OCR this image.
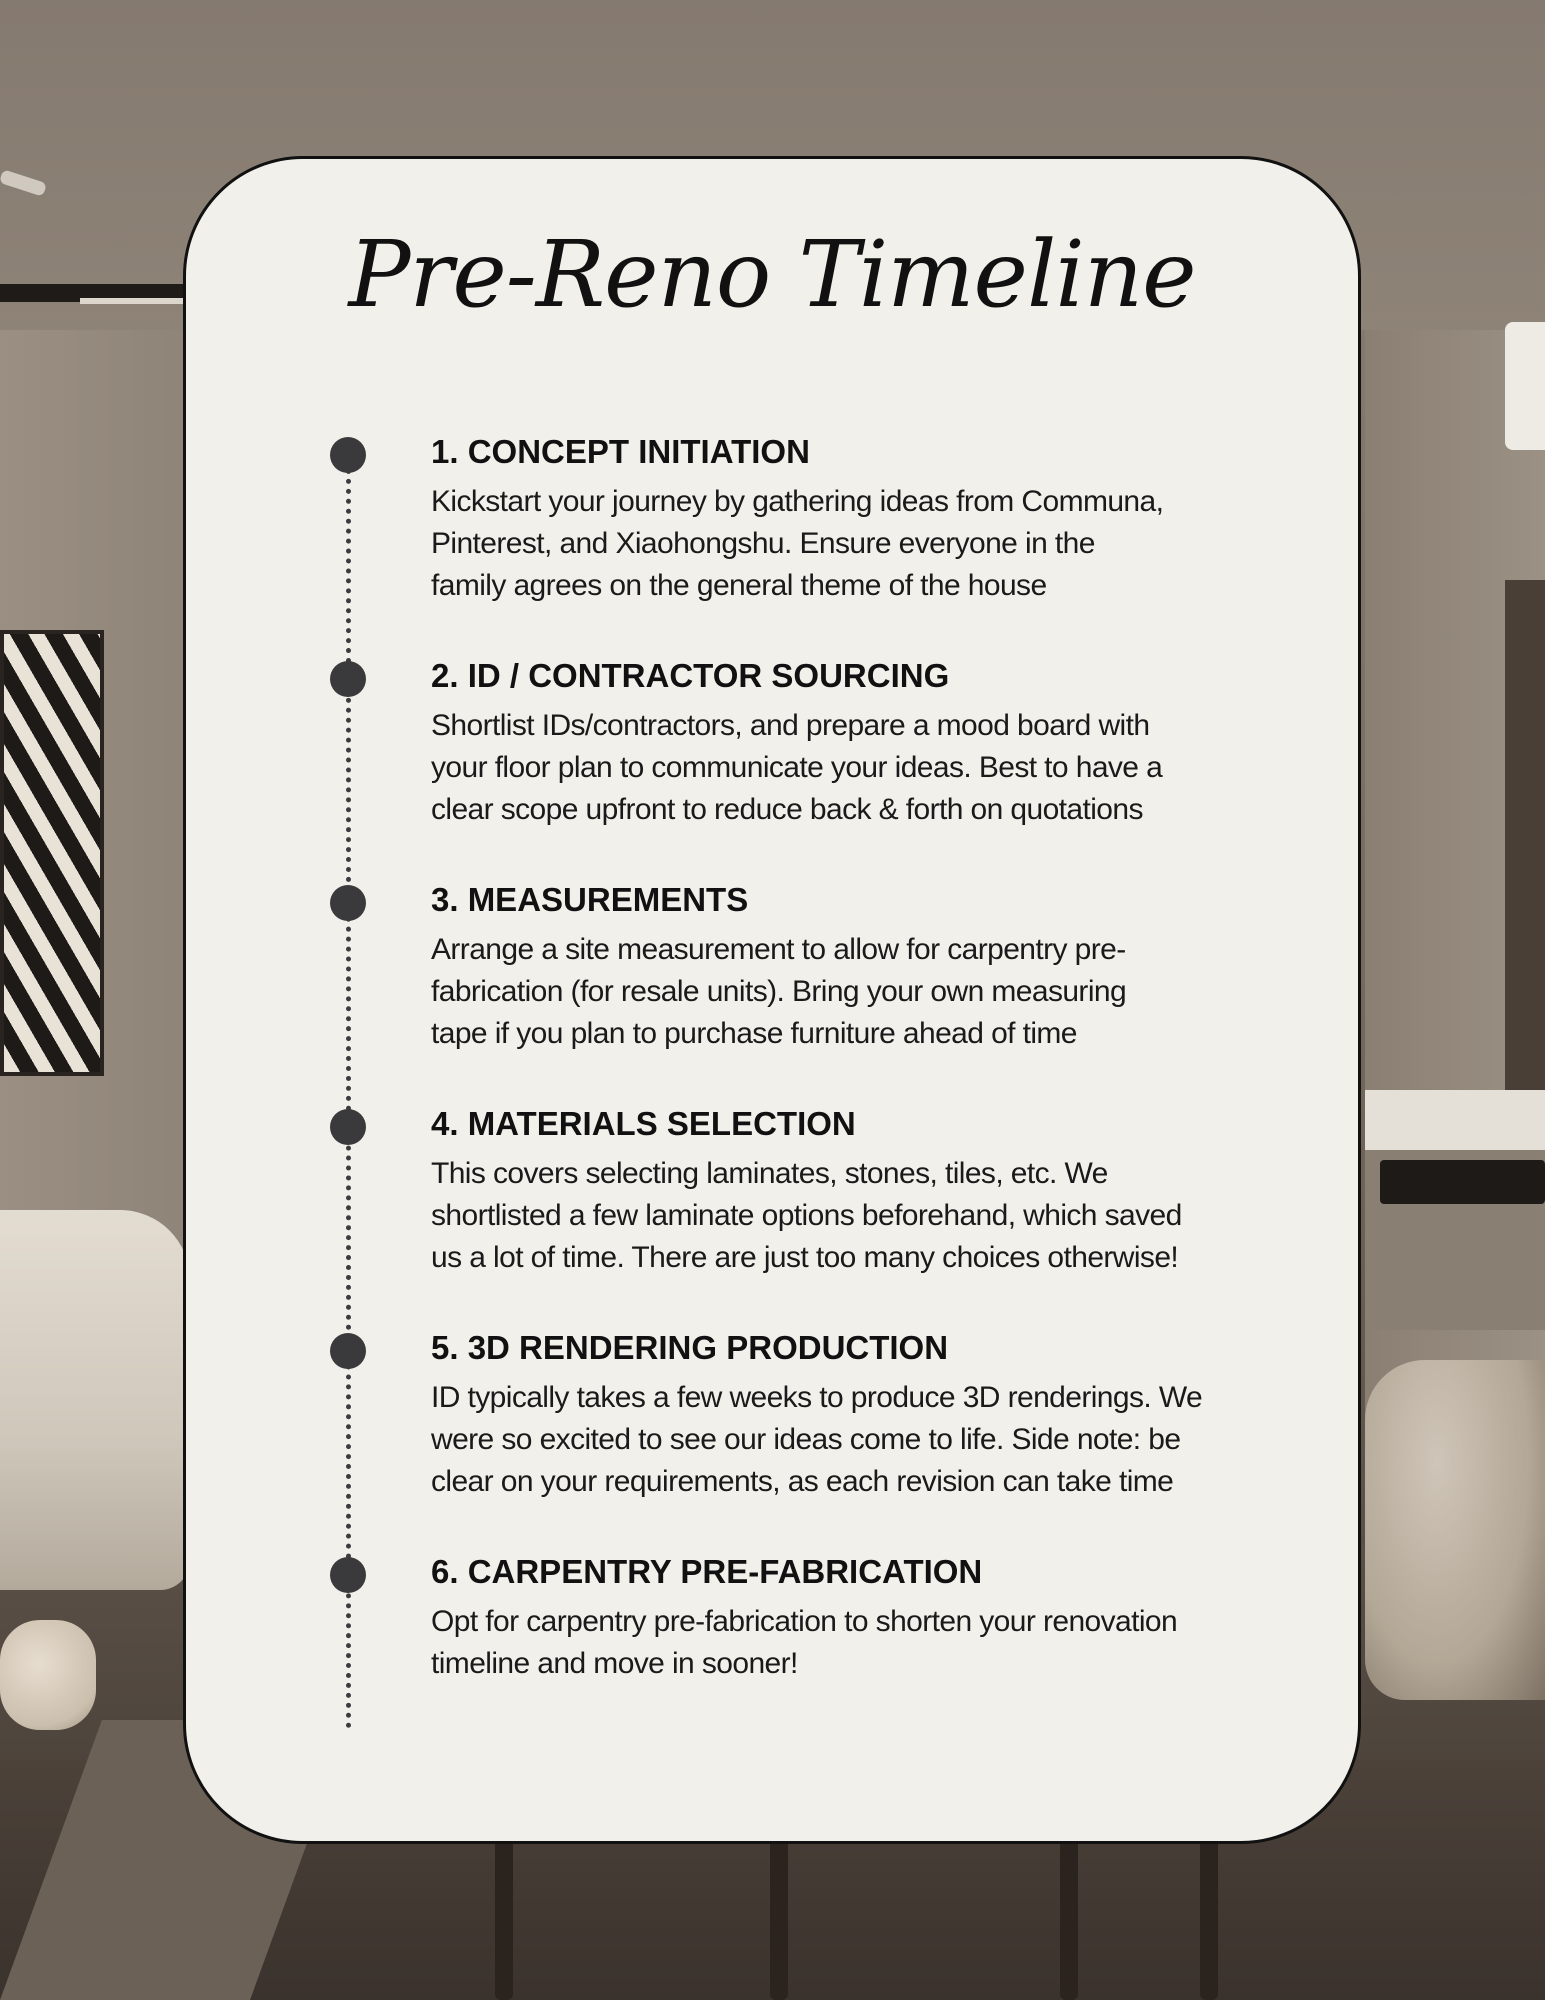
Pre-Reno Timeline
1. CONCEPT INITIATION

Kickstart your journey by gathering ideas from Communa,
Pinterest, and Xiaohongshu. Ensure everyone in the
family agrees on the general theme of the house

2. ID / CONTRACTOR SOURCING

Shortlist IDs/contractors, and prepare a mood board with
your floor plan to communicate your ideas. Best to have a
clear scope upfront to reduce back & forth on quotations

3. MEASUREMENTS

Arrange a site measurement to allow for carpentry pre-
fabrication (for resale units). Bring your own measuring
tape if you plan to purchase furniture ahead of time

4. MATERIALS SELECTION

This covers selecting laminates, stones, tiles, etc. We
shortlisted a few laminate options beforehand, which saved
us a lot of time. There are just too many choices otherwise!

5. 3D RENDERING PRODUCTION

ID typically takes a few weeks to produce 3D renderings. We
were so excited to see our ideas come to life. Side note: be
clear on your requirements, as each revision can take time

6. CARPENTRY PRE-FABRICATION

Opt for carpentry pre-fabrication to shorten your renovation
timeline and move in sooner!
